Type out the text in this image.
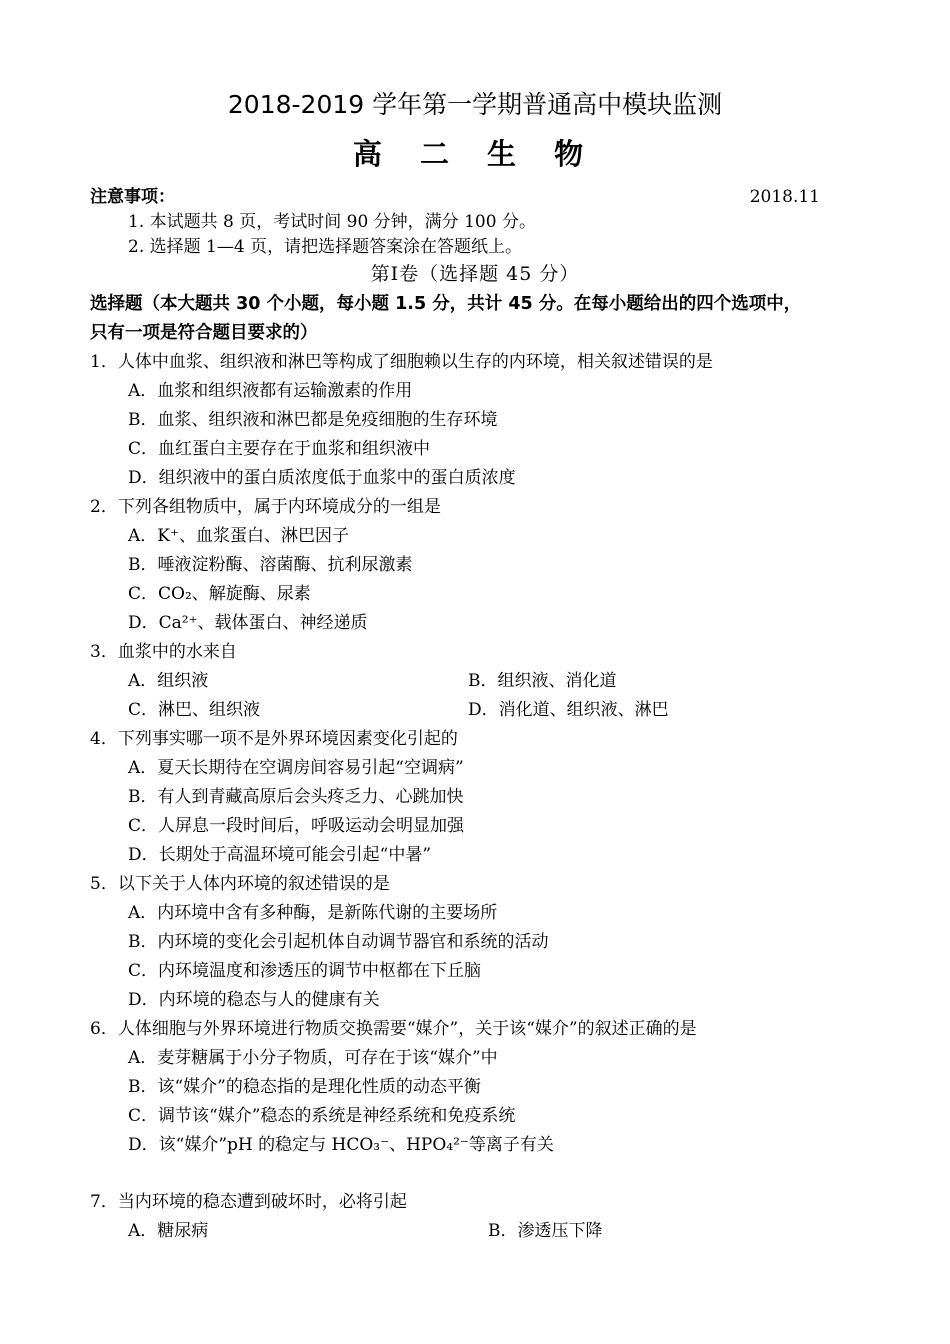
2018-2019 学年第一学期普通高中模块监测
高 二 生 物
注意事项：	2018.11
1. 本试题共 8 页，考试时间 90 分钟，满分 100 分。
2. 选择题 1—4 页，请把选择题答案涂在答题纸上。
第Ⅰ卷（选择题 45 分）
选择题（本大题共 30 个小题，每小题 1.5 分，共计 45 分。在每小题给出的四个选项中，
只有一项是符合题目要求的）
1．人体中血浆、组织液和淋巴等构成了细胞赖以生存的内环境，相关叙述错误的是
A．血浆和组织液都有运输激素的作用
B．血浆、组织液和淋巴都是免疫细胞的生存环境
C．血红蛋白主要存在于血浆和组织液中
D．组织液中的蛋白质浓度低于血浆中的蛋白质浓度
2．下列各组物质中，属于内环境成分的一组是
A．K⁺、血浆蛋白、淋巴因子
B．唾液淀粉酶、溶菌酶、抗利尿激素
C．CO₂、解旋酶、尿素
D．Ca²⁺、载体蛋白、神经递质
3．血浆中的水来自
A．组织液	B．组织液、消化道
C．淋巴、组织液	D．消化道、组织液、淋巴
4．下列事实哪一项不是外界环境因素变化引起的
A．夏天长期待在空调房间容易引起“空调病”
B．有人到青藏高原后会头疼乏力、心跳加快
C．人屏息一段时间后，呼吸运动会明显加强
D．长期处于高温环境可能会引起“中暑”
5．以下关于人体内环境的叙述错误的是
A．内环境中含有多种酶，是新陈代谢的主要场所
B．内环境的变化会引起机体自动调节器官和系统的活动
C．内环境温度和渗透压的调节中枢都在下丘脑
D．内环境的稳态与人的健康有关
6．人体细胞与外界环境进行物质交换需要“媒介”，关于该“媒介”的叙述正确的是
A．麦芽糖属于小分子物质，可存在于该“媒介”中
B．该“媒介”的稳态指的是理化性质的动态平衡
C．调节该“媒介”稳态的系统是神经系统和免疫系统
D．该“媒介”pH 的稳定与 HCO₃⁻、HPO₄²⁻等离子有关
7．当内环境的稳态遭到破坏时，必将引起
A．糖尿病	B．渗透压下降
